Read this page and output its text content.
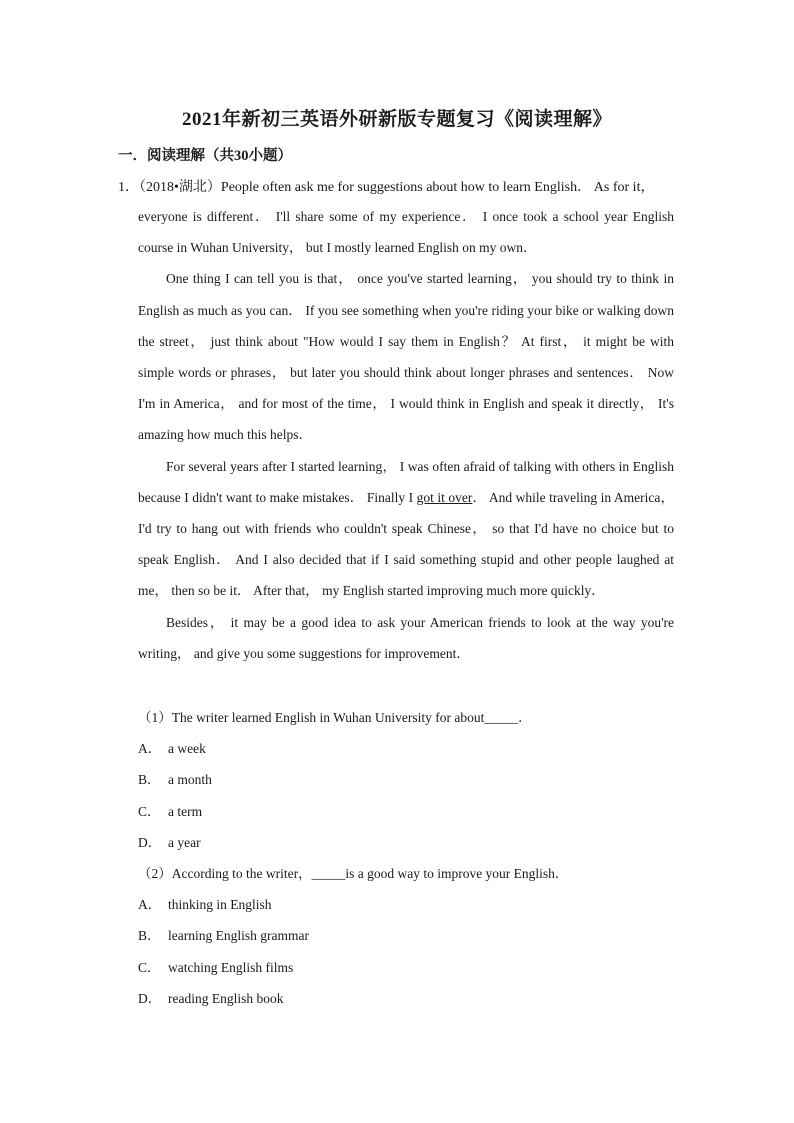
2021年新初三英语外研新版专题复习《阅读理解》
一．阅读理解（共30小题）
1．（2018•湖北）People often ask me for suggestions about how to learn English． As for it，

everyone is different． I'll share some of my experience． I once took a school year English course in Wuhan University， but I mostly learned English on my own．

One thing I can tell you is that， once you've started learning， you should try to think in English as much as you can． If you see something when you're riding your bike or walking down the street， just think about "How would I say them in English？ At first， it might be with simple words or phrases， but later you should think about longer phrases and sentences． Now I'm in America， and for most of the time， I would think in English and speak it directly， It's amazing how much this helps．

For several years after I started learning， I was often afraid of talking with others in English because I didn't want to make mistakes． Finally I got it over． And while traveling in America， I'd try to hang out with friends who couldn't speak Chinese， so that I'd have no choice but to speak English． And I also decided that if I said something stupid and other people laughed at me， then so be it． After that， my English started improving much more quickly．

Besides， it may be a good idea to ask your American friends to look at the way you're writing， and give you some suggestions for improvement．

（1）The writer learned English in Wuhan University for about_____．
A． a week
B． a month
C． a term
D． a year
（2）According to the writer，_____is a good way to improve your English．
A． thinking in English
B． learning English grammar
C． watching English films
D． reading English book
